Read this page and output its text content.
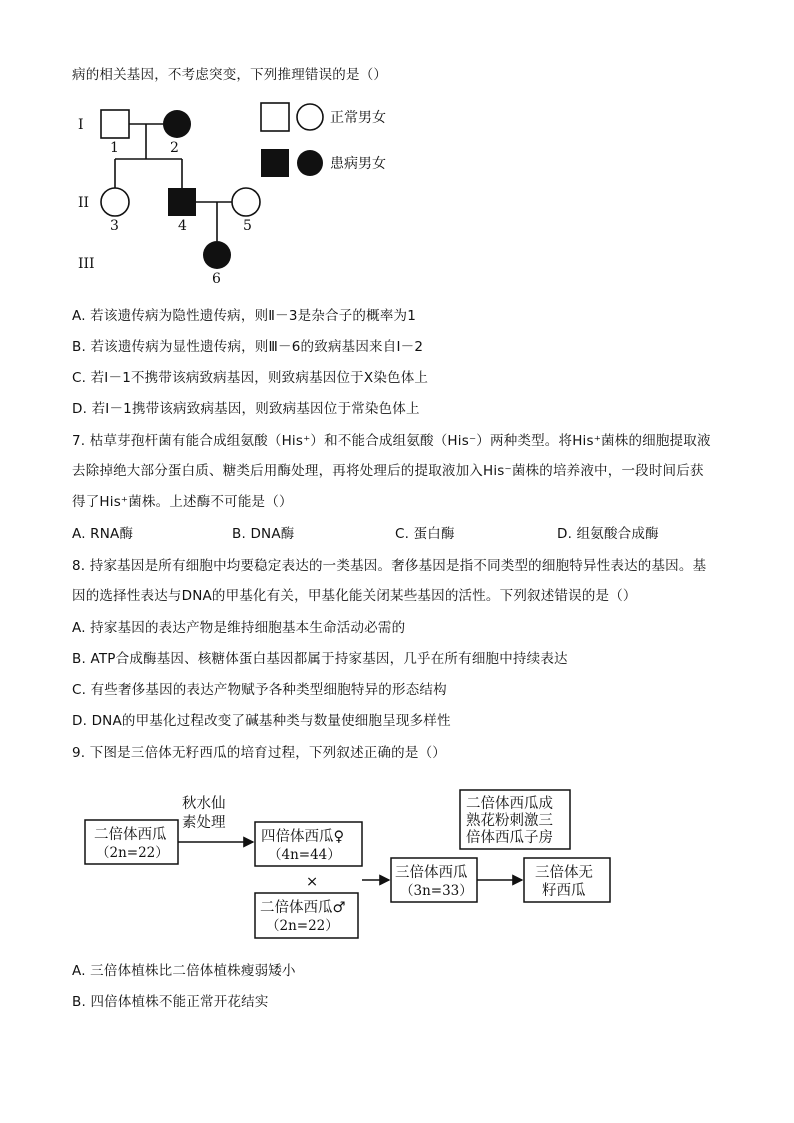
病的相关基因，不考虑突变，下列推理错误的是（）
I
II
III
1	2
3	4	5
6
正常男女
患病男女
A. 若该遗传病为隐性遗传病，则Ⅱ－3是杂合子的概率为1
B. 若该遗传病为显性遗传病，则Ⅲ－6的致病基因来自Ⅰ－2
C. 若Ⅰ－1不携带该病致病基因，则致病基因位于X染色体上
D. 若Ⅰ－1携带该病致病基因，则致病基因位于常染色体上
7. 枯草芽孢杆菌有能合成组氨酸（His⁺）和不能合成组氨酸（His⁻）两种类型。将His⁺菌株的细胞提取液
去除掉绝大部分蛋白质、糖类后用酶处理，再将处理后的提取液加入His⁻菌株的培养液中，一段时间后获
得了His⁺菌株。上述酶不可能是（）
A. RNA酶	B. DNA酶	C. 蛋白酶	D. 组氨酸合成酶
8. 持家基因是所有细胞中均要稳定表达的一类基因。奢侈基因是指不同类型的细胞特异性表达的基因。基
因的选择性表达与DNA的甲基化有关，甲基化能关闭某些基因的活性。下列叙述错误的是（）
A. 持家基因的表达产物是维持细胞基本生命活动必需的
B. ATP合成酶基因、核糖体蛋白基因都属于持家基因，几乎在所有细胞中持续表达
C. 有些奢侈基因的表达产物赋予各种类型细胞特异的形态结构
D. DNA的甲基化过程改变了碱基种类与数量使细胞呈现多样性
9. 下图是三倍体无籽西瓜的培育过程，下列叙述正确的是（）
二倍体西瓜
（2n=22）
秋水仙
素处理
四倍体西瓜♀
（4n=44）
×
二倍体西瓜♂
（2n=22）
三倍体西瓜
（3n=33）
二倍体西瓜成
熟花粉刺激三
倍体西瓜子房
三倍体无
籽西瓜
A. 三倍体植株比二倍体植株瘦弱矮小
B. 四倍体植株不能正常开花结实
